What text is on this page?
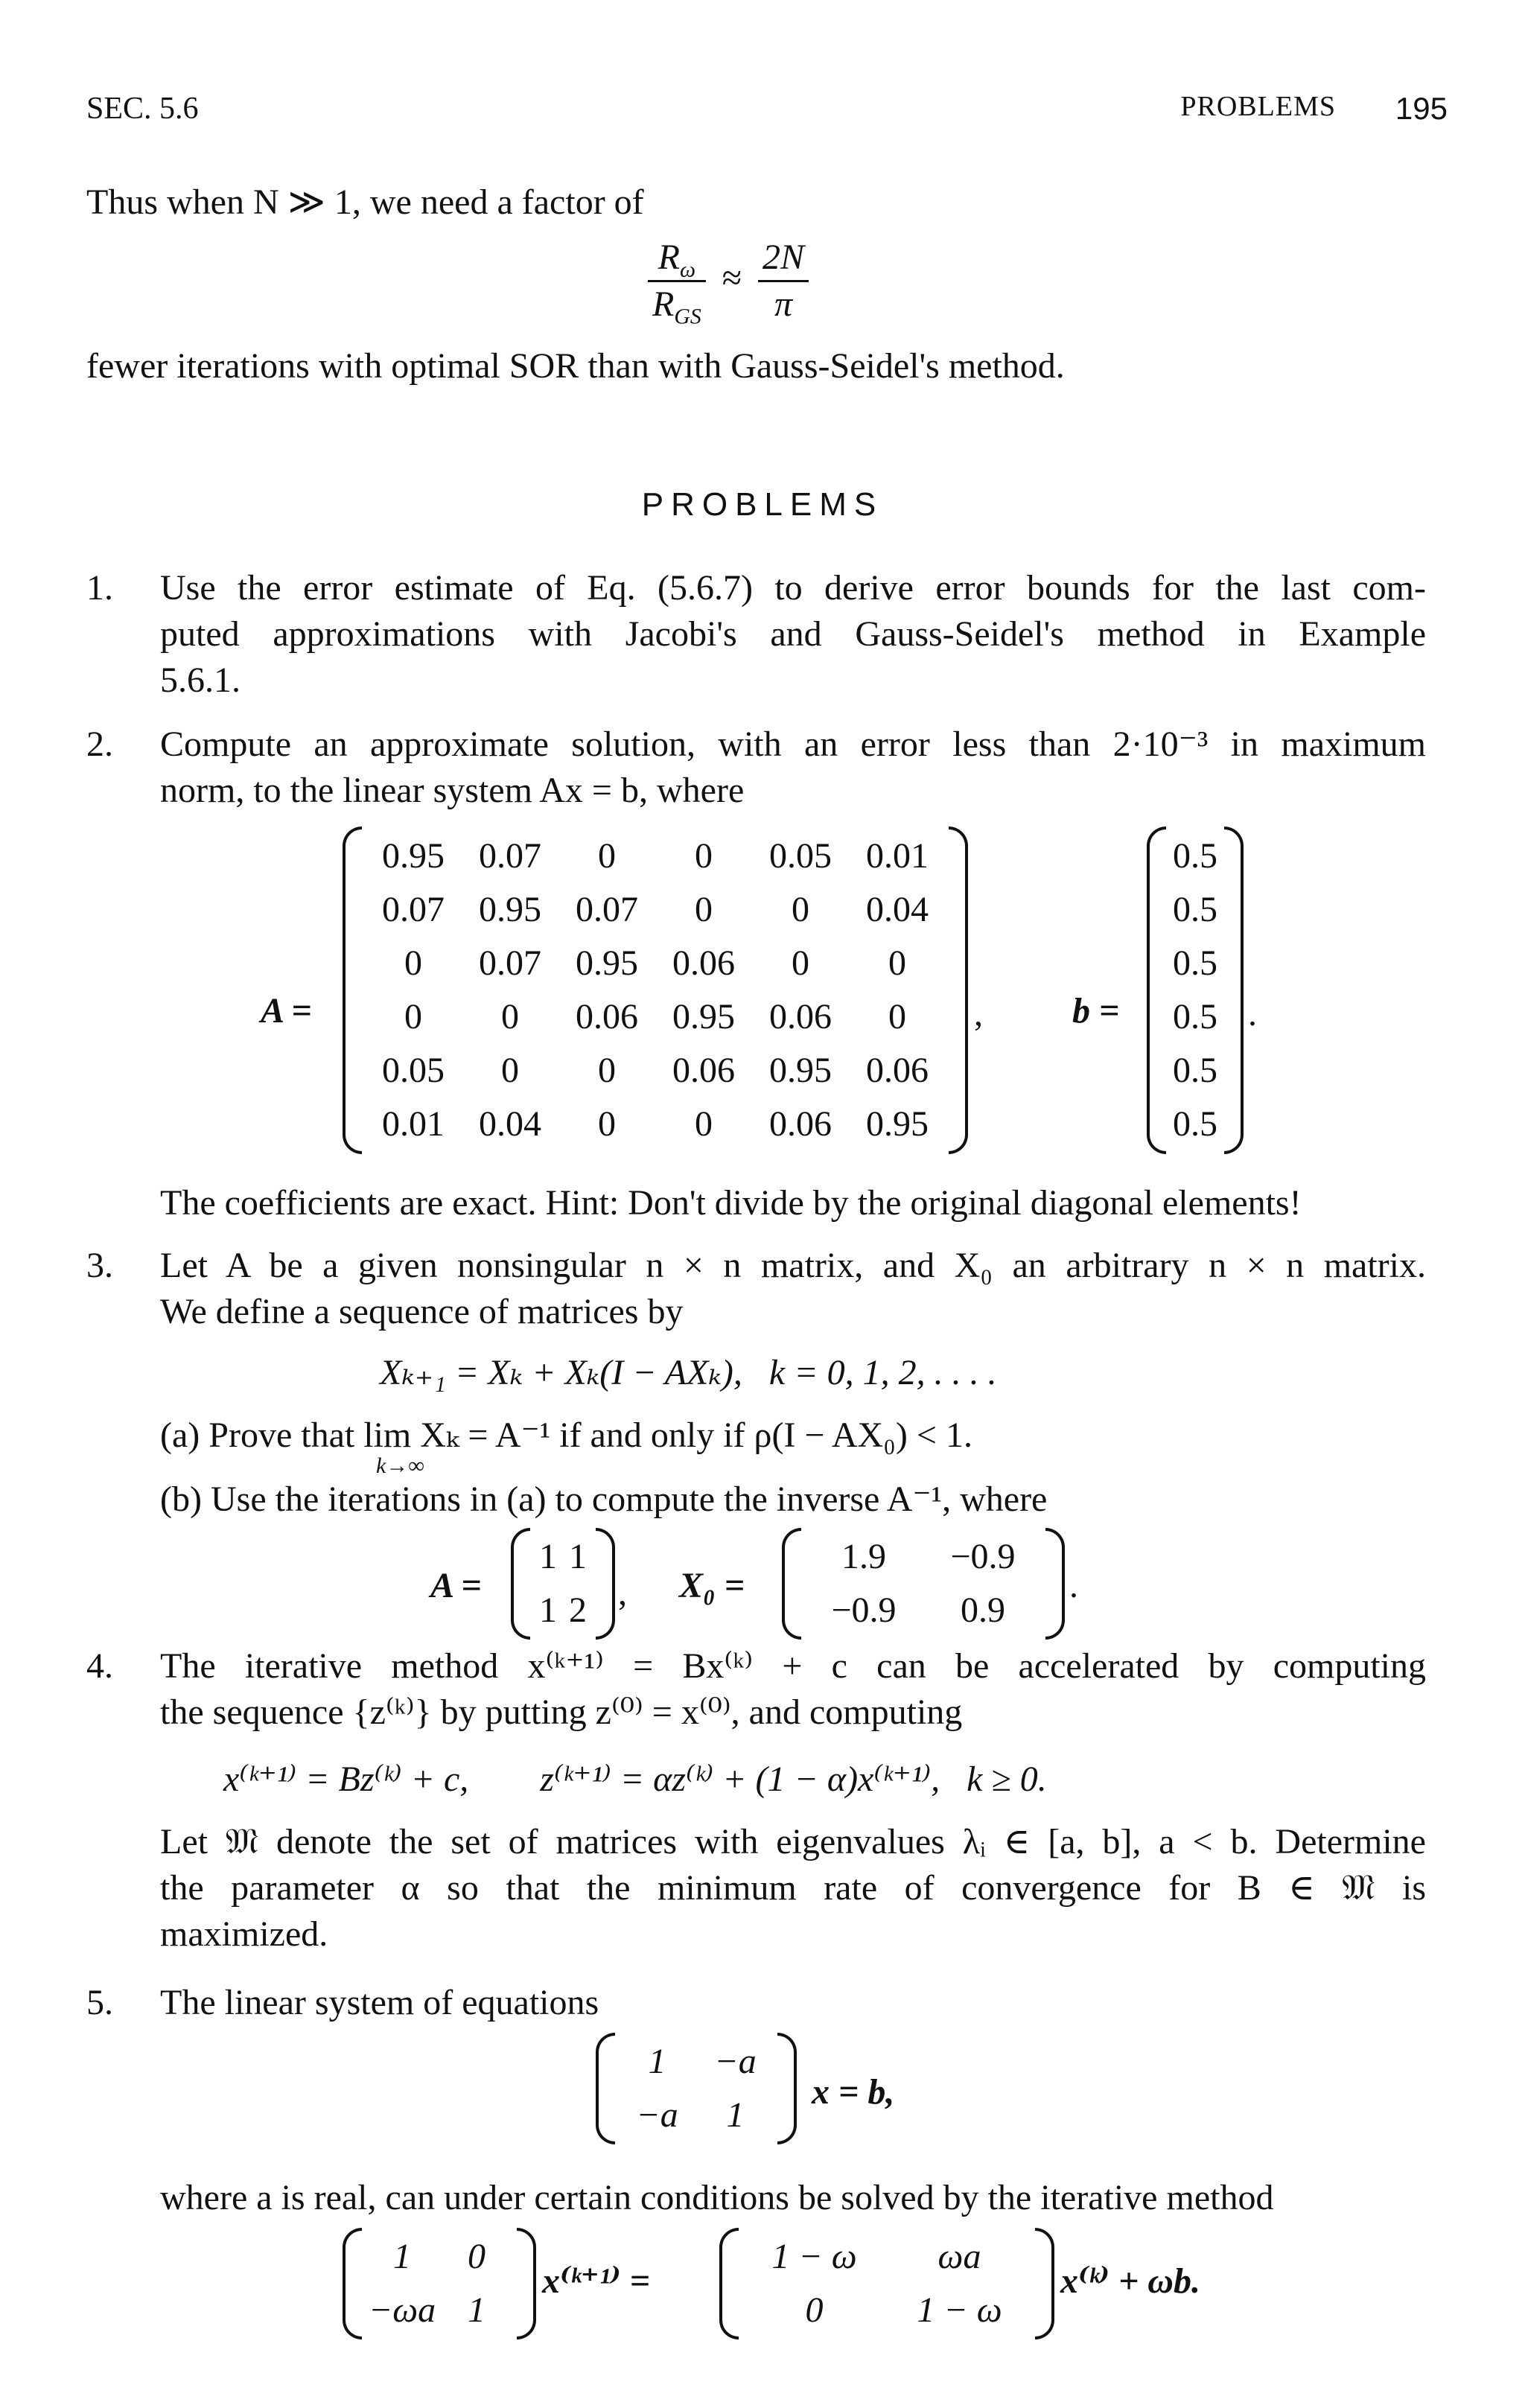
SEC. 5.6	PROBLEMS 195
Thus when N ≫ 1, we need a factor of
$\frac{R_\omega}{R_{GS}} \approx \frac{2N}{\pi}$
fewer iterations with optimal SOR than with Gauss-Seidel's method.
PROBLEMS
1. Use the error estimate of Eq. (5.6.7) to derive error bounds for the last com-
puted approximations with Jacobi's and Gauss-Seidel's method in Example
5.6.1.
2. Compute an approximate solution, with an error less than 2·10⁻³ in maximum
norm, to the linear system Ax = b, where
A =
0.95 0.07	0	0	0.05 0.01
0.07 0.95 0.07	0	0	0.04
0	0.07 0.95 0.06	0	0
0	0	0.06 0.95 0.06	0
0.05	0	0	0.06 0.95 0.06
0.01 0.04	0	0	0.06 0.95
,	b =
0.5
0.5
0.5
0.5
0.5
0.5
.
The coefficients are exact. Hint: Don't divide by the original diagonal elements!
3. Let A be a given nonsingular n × n matrix, and X₀ an arbitrary n × n matrix.
We define a sequence of matrices by
Xₖ₊₁ = Xₖ + Xₖ(I − AXₖ),   k = 0, 1, 2, . . . .
(a) Prove that lim Xₖ = A⁻¹ if and only if ρ(I − AX₀) < 1.
k→∞
(b) Use the iterations in (a) to compute the inverse A⁻¹, where
A =
1 1
1 2 , X₀ =
1.9	−0.9
−0.9	0.9
.
4. The iterative method x⁽ᵏ⁺¹⁾ = Bx⁽ᵏ⁾ + c can be accelerated by computing
the sequence {z⁽ᵏ⁾} by putting z⁽⁰⁾ = x⁽⁰⁾, and computing
x⁽ᵏ⁺¹⁾ = Bz⁽ᵏ⁾ + c,        z⁽ᵏ⁺¹⁾ = αz⁽ᵏ⁾ + (1 − α)x⁽ᵏ⁺¹⁾,   k ≥ 0.
Let 𝔐 denote the set of matrices with eigenvalues λᵢ ∈ [a, b], a < b. Determine
the parameter α so that the minimum rate of convergence for B ∈ 𝔐 is
maximized.
5. The linear system of equations
1	−a
−a	1
x = b,
where a is real, can under certain conditions be solved by the iterative method
1	0
−ωa 1
x⁽ᵏ⁺¹⁾ =
1 − ω	ωa
0	1 − ω
x⁽ᵏ⁾ + ωb.
